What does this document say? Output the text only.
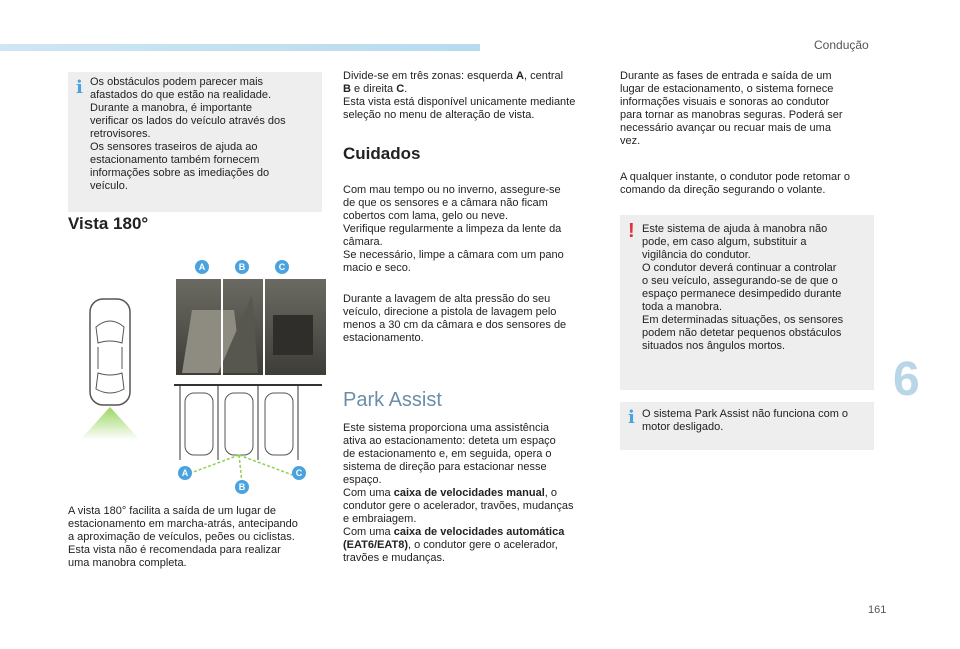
Condução
6
161
i Os obstáculos podem parecer mais
afastados do que estão na realidade.
Durante a manobra, é importante
verificar os lados do veículo através dos
retrovisores.
Os sensores traseiros de ajuda ao
estacionamento também fornecem
informações sobre as imediações do
veículo.
Vista 180°
A	B	C
A
B
C

A vista 180° facilita a saída de um lugar de
estacionamento em marcha-atrás, antecipando
a aproximação de veículos, peões ou ciclistas.
Esta vista não é recomendada para realizar
uma manobra completa.

Divide-se em três zonas: esquerda A, central
B e direita C.
Esta vista está disponível unicamente mediante
seleção no menu de alteração de vista.

Cuidados

Com mau tempo ou no inverno, assegure-se
de que os sensores e a câmara não ficam
cobertos com lama, gelo ou neve.
Verifique regularmente a limpeza da lente da
câmara.
Se necessário, limpe a câmara com um pano
macio e seco.

Durante a lavagem de alta pressão do seu
veículo, direcione a pistola de lavagem pelo
menos a 30 cm da câmara e dos sensores de
estacionamento.

Park Assist

Este sistema proporciona uma assistência
ativa ao estacionamento: deteta um espaço
de estacionamento e, em seguida, opera o
sistema de direção para estacionar nesse
espaço.
Com uma caixa de velocidades manual, o
condutor gere o acelerador, travões, mudanças
e embraiagem.
Com uma caixa de velocidades automática
(EAT6/EAT8), o condutor gere o acelerador,
travões e mudanças.

Durante as fases de entrada e saída de um
lugar de estacionamento, o sistema fornece
informações visuais e sonoras ao condutor
para tornar as manobras seguras. Poderá ser
necessário avançar ou recuar mais de uma
vez.

A qualquer instante, o condutor pode retomar o
comando da direção segurando o volante.

! Este sistema de ajuda à manobra não
pode, em caso algum, substituir a
vigilância do condutor.
O condutor deverá continuar a controlar
o seu veículo, assegurando-se de que o
espaço permanece desimpedido durante
toda a manobra.
Em determinadas situações, os sensores
podem não detetar pequenos obstáculos
situados nos ângulos mortos.
i O sistema Park Assist não funciona com o
motor desligado.
